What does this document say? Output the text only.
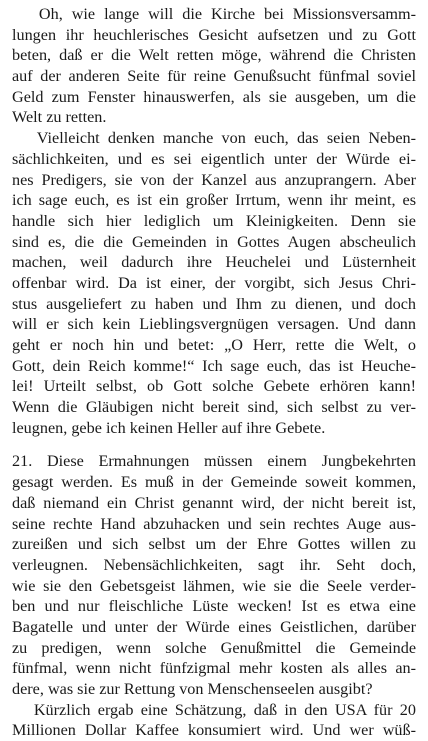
Oh, wie lange will die Kirche bei Missionsversamm-
lungen ihr heuchlerisches Gesicht aufsetzen und zu Gott
beten, daß er die Welt retten möge, während die Christen
auf der anderen Seite für reine Genußsucht fünfmal soviel
Geld zum Fenster hinauswerfen, als sie ausgeben, um die
Welt zu retten.
Vielleicht denken manche von euch, das seien Neben-
sächlichkeiten, und es sei eigentlich unter der Würde ei-
nes Predigers, sie von der Kanzel aus anzuprangern. Aber
ich sage euch, es ist ein großer Irrtum, wenn ihr meint, es
handle sich hier lediglich um Kleinigkeiten. Denn sie
sind es, die die Gemeinden in Gottes Augen abscheulich
machen, weil dadurch ihre Heuchelei und Lüsternheit
offenbar wird. Da ist einer, der vorgibt, sich Jesus Chri-
stus ausgeliefert zu haben und Ihm zu dienen, und doch
will er sich kein Lieblingsvergnügen versagen. Und dann
geht er noch hin und betet: „O Herr, rette die Welt, o
Gott, dein Reich komme!“ Ich sage euch, das ist Heuche-
lei! Urteilt selbst, ob Gott solche Gebete erhören kann!
Wenn die Gläubigen nicht bereit sind, sich selbst zu ver-
leugnen, gebe ich keinen Heller auf ihre Gebete.
21. Diese Ermahnungen müssen einem Jungbekehrten
gesagt werden. Es muß in der Gemeinde soweit kommen,
daß niemand ein Christ genannt wird, der nicht bereit ist,
seine rechte Hand abzuhacken und sein rechtes Auge aus-
zureißen und sich selbst um der Ehre Gottes willen zu
verleugnen. Nebensächlichkeiten, sagt ihr. Seht doch,
wie sie den Gebetsgeist lähmen, wie sie die Seele verder-
ben und nur fleischliche Lüste wecken! Ist es etwa eine
Bagatelle und unter der Würde eines Geistlichen, darüber
zu predigen, wenn solche Genußmittel die Gemeinde
fünfmal, wenn nicht fünfzigmal mehr kosten als alles an-
dere, was sie zur Rettung von Menschenseelen ausgibt?
Kürzlich ergab eine Schätzung, daß in den USA für 20
Millionen Dollar Kaffee konsumiert wird. Und wer wüß-
